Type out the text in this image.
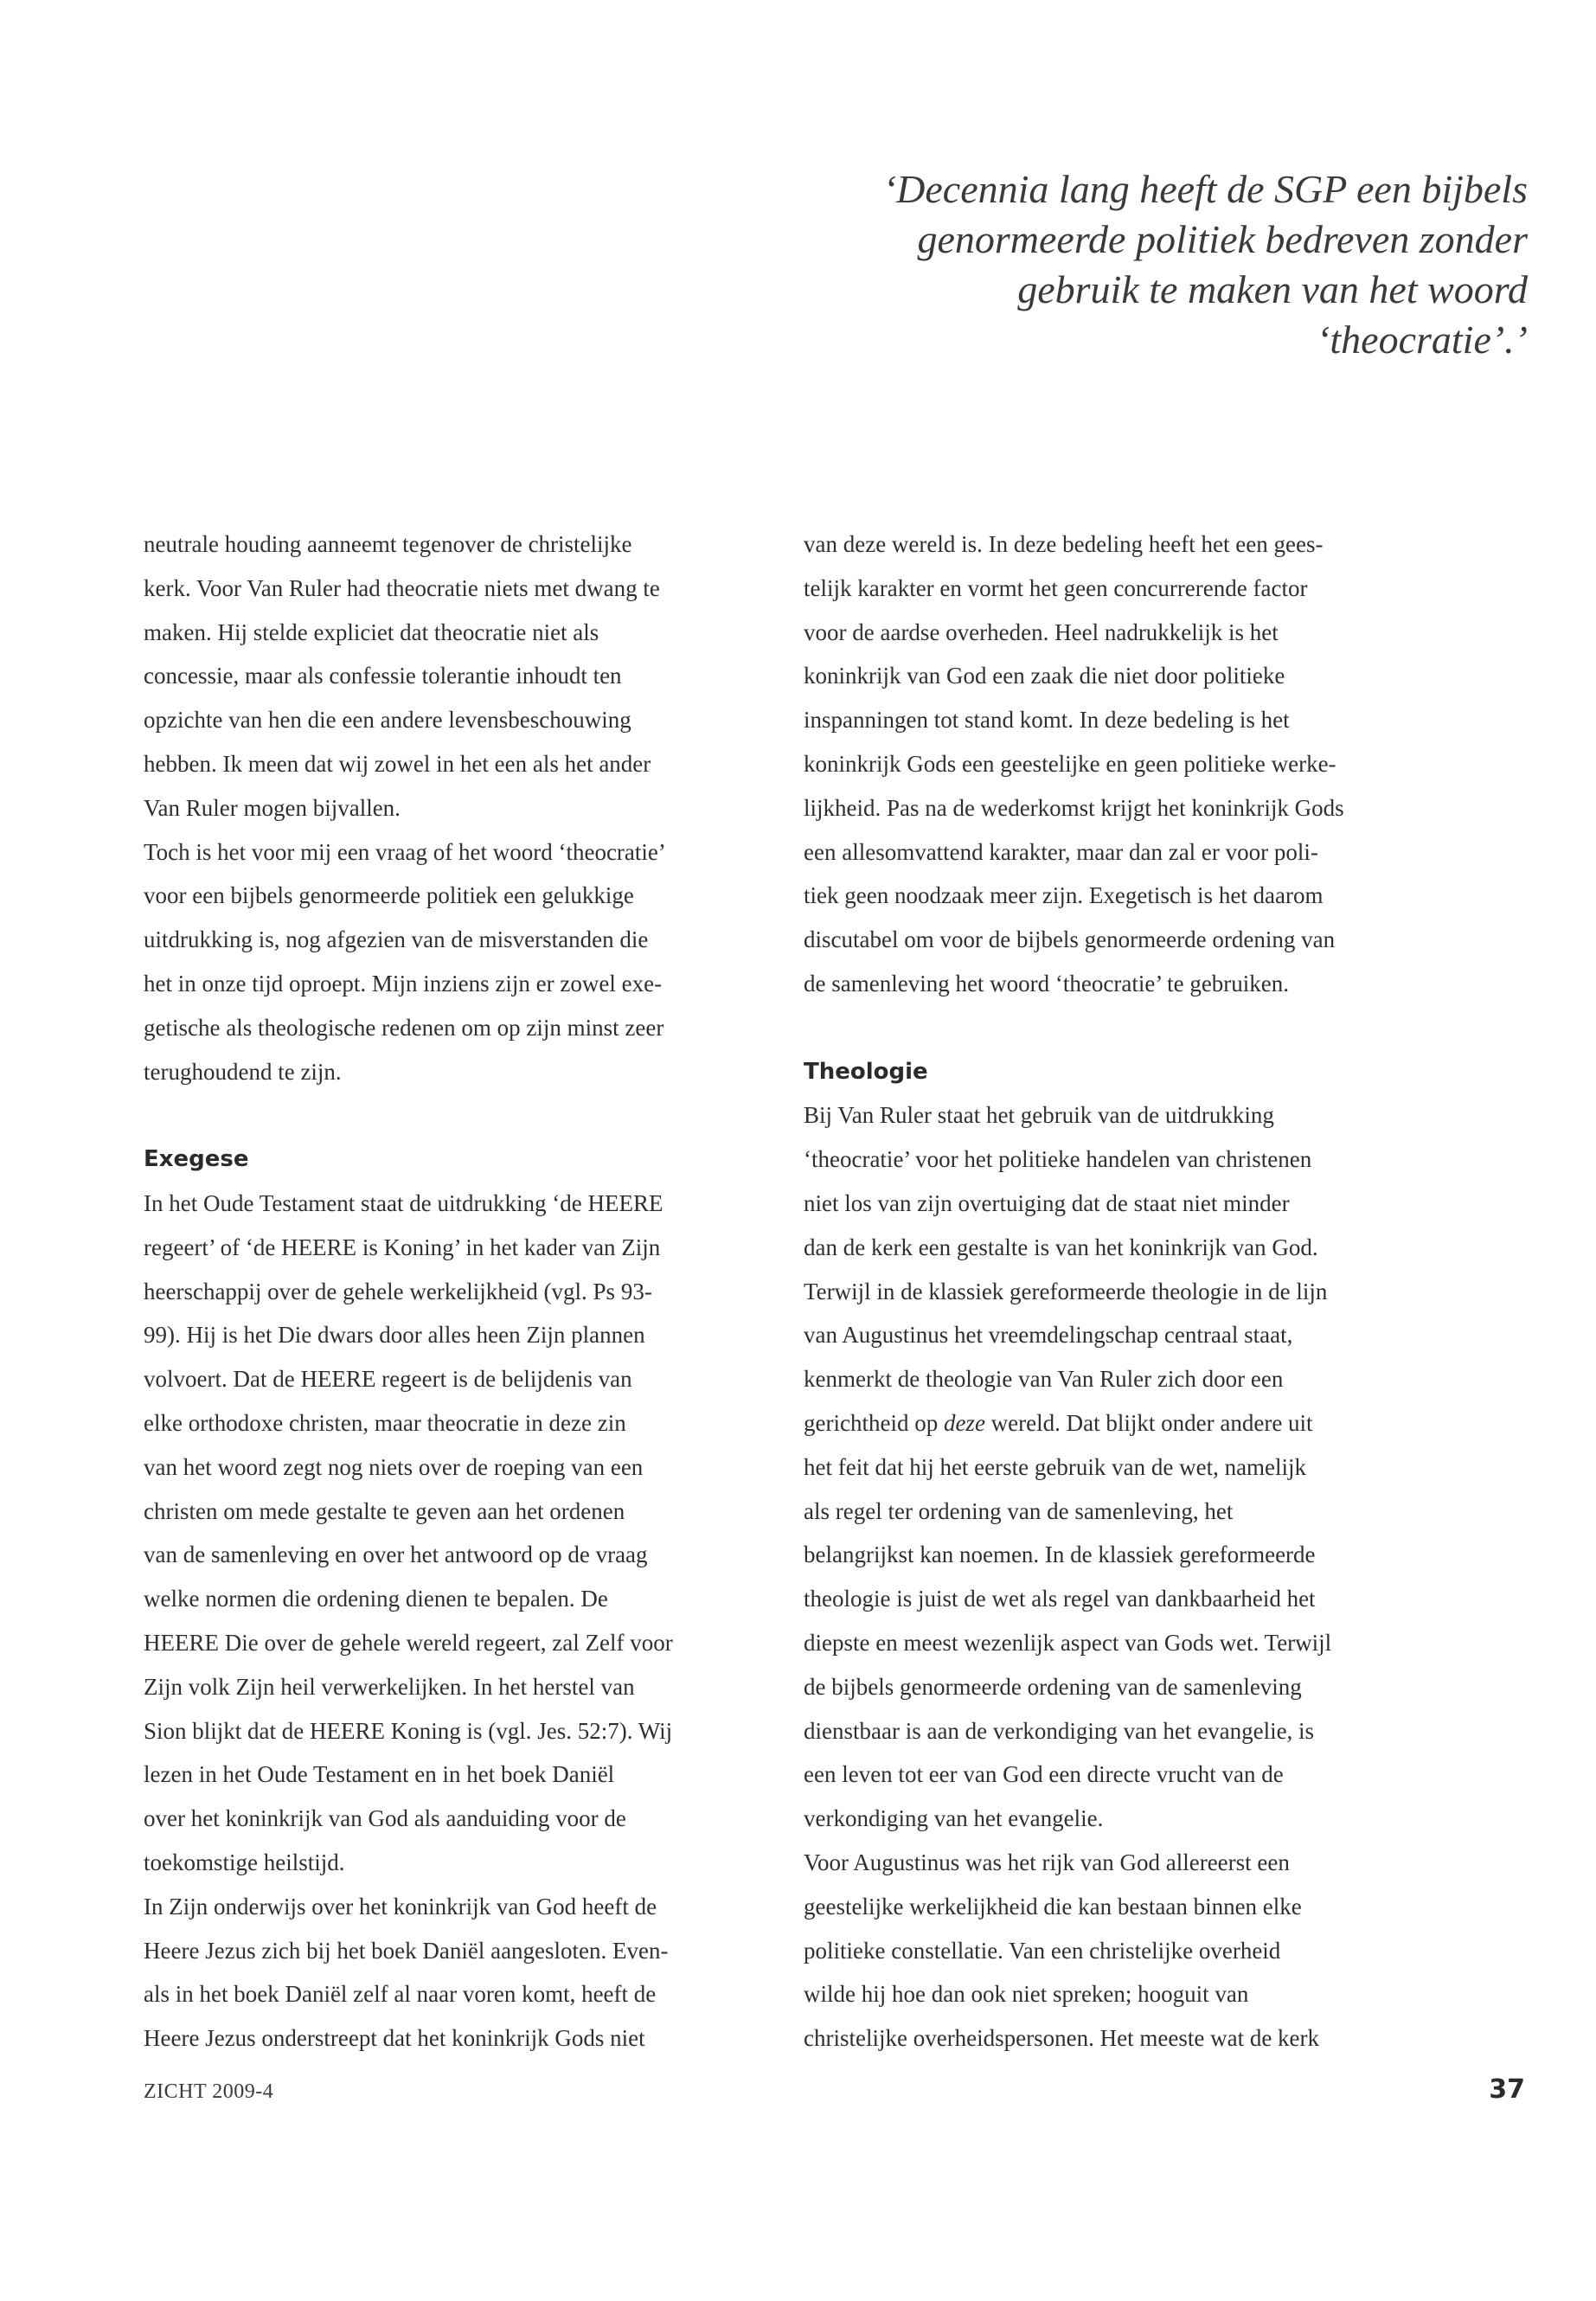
‘Decennia lang heeft de SGP een bijbels
genormeerde politiek bedreven zonder
gebruik te maken van het woord
‘theocratie’.’
neutrale houding aanneemt tegenover de christelijke
kerk. Voor Van Ruler had theocratie niets met dwang te
maken. Hij stelde expliciet dat theocratie niet als
concessie, maar als confessie tolerantie inhoudt ten
opzichte van hen die een andere levensbeschouwing
hebben. Ik meen dat wij zowel in het een als het ander
Van Ruler mogen bijvallen.
Toch is het voor mij een vraag of het woord ‘theocratie’
voor een bijbels genormeerde politiek een gelukkige
uitdrukking is, nog afgezien van de misverstanden die
het in onze tijd oproept. Mijn inziens zijn er zowel exe-
getische als theologische redenen om op zijn minst zeer
terughoudend te zijn.
Exegese
In het Oude Testament staat de uitdrukking ‘de HEERE
regeert’ of ‘de HEERE is Koning’ in het kader van Zijn
heerschappij over de gehele werkelijkheid (vgl. Ps 93-
99). Hij is het Die dwars door alles heen Zijn plannen
volvoert. Dat de HEERE regeert is de belijdenis van
elke orthodoxe christen, maar theocratie in deze zin
van het woord zegt nog niets over de roeping van een
christen om mede gestalte te geven aan het ordenen
van de samenleving en over het antwoord op de vraag
welke normen die ordening dienen te bepalen. De
HEERE Die over de gehele wereld regeert, zal Zelf voor
Zijn volk Zijn heil verwerkelijken. In het herstel van
Sion blijkt dat de HEERE Koning is (vgl. Jes. 52:7). Wij
lezen in het Oude Testament en in het boek Daniël
over het koninkrijk van God als aanduiding voor de
toekomstige heilstijd.
In Zijn onderwijs over het koninkrijk van God heeft de
Heere Jezus zich bij het boek Daniël aangesloten. Even-
als in het boek Daniël zelf al naar voren komt, heeft de
Heere Jezus onderstreept dat het koninkrijk Gods niet
van deze wereld is. In deze bedeling heeft het een gees-
telijk karakter en vormt het geen concurrerende factor
voor de aardse overheden. Heel nadrukkelijk is het
koninkrijk van God een zaak die niet door politieke
inspanningen tot stand komt. In deze bedeling is het
koninkrijk Gods een geestelijke en geen politieke werke-
lijkheid. Pas na de wederkomst krijgt het koninkrijk Gods
een allesomvattend karakter, maar dan zal er voor poli-
tiek geen noodzaak meer zijn. Exegetisch is het daarom
discutabel om voor de bijbels genormeerde ordening van
de samenleving het woord ‘theocratie’ te gebruiken.
Theologie
Bij Van Ruler staat het gebruik van de uitdrukking
‘theocratie’ voor het politieke handelen van christenen
niet los van zijn overtuiging dat de staat niet minder
dan de kerk een gestalte is van het koninkrijk van God.
Terwijl in de klassiek gereformeerde theologie in de lijn
van Augustinus het vreemdelingschap centraal staat,
kenmerkt de theologie van Van Ruler zich door een
gerichtheid op deze wereld. Dat blijkt onder andere uit
het feit dat hij het eerste gebruik van de wet, namelijk
als regel ter ordening van de samenleving, het
belangrijkst kan noemen. In de klassiek gereformeerde
theologie is juist de wet als regel van dankbaarheid het
diepste en meest wezenlijk aspect van Gods wet. Terwijl
de bijbels genormeerde ordening van de samenleving
dienstbaar is aan de verkondiging van het evangelie, is
een leven tot eer van God een directe vrucht van de
verkondiging van het evangelie.
Voor Augustinus was het rijk van God allereerst een
geestelijke werkelijkheid die kan bestaan binnen elke
politieke constellatie. Van een christelijke overheid
wilde hij hoe dan ook niet spreken; hooguit van
christelijke overheidspersonen. Het meeste wat de kerk
ZICHT 2009-4	37
